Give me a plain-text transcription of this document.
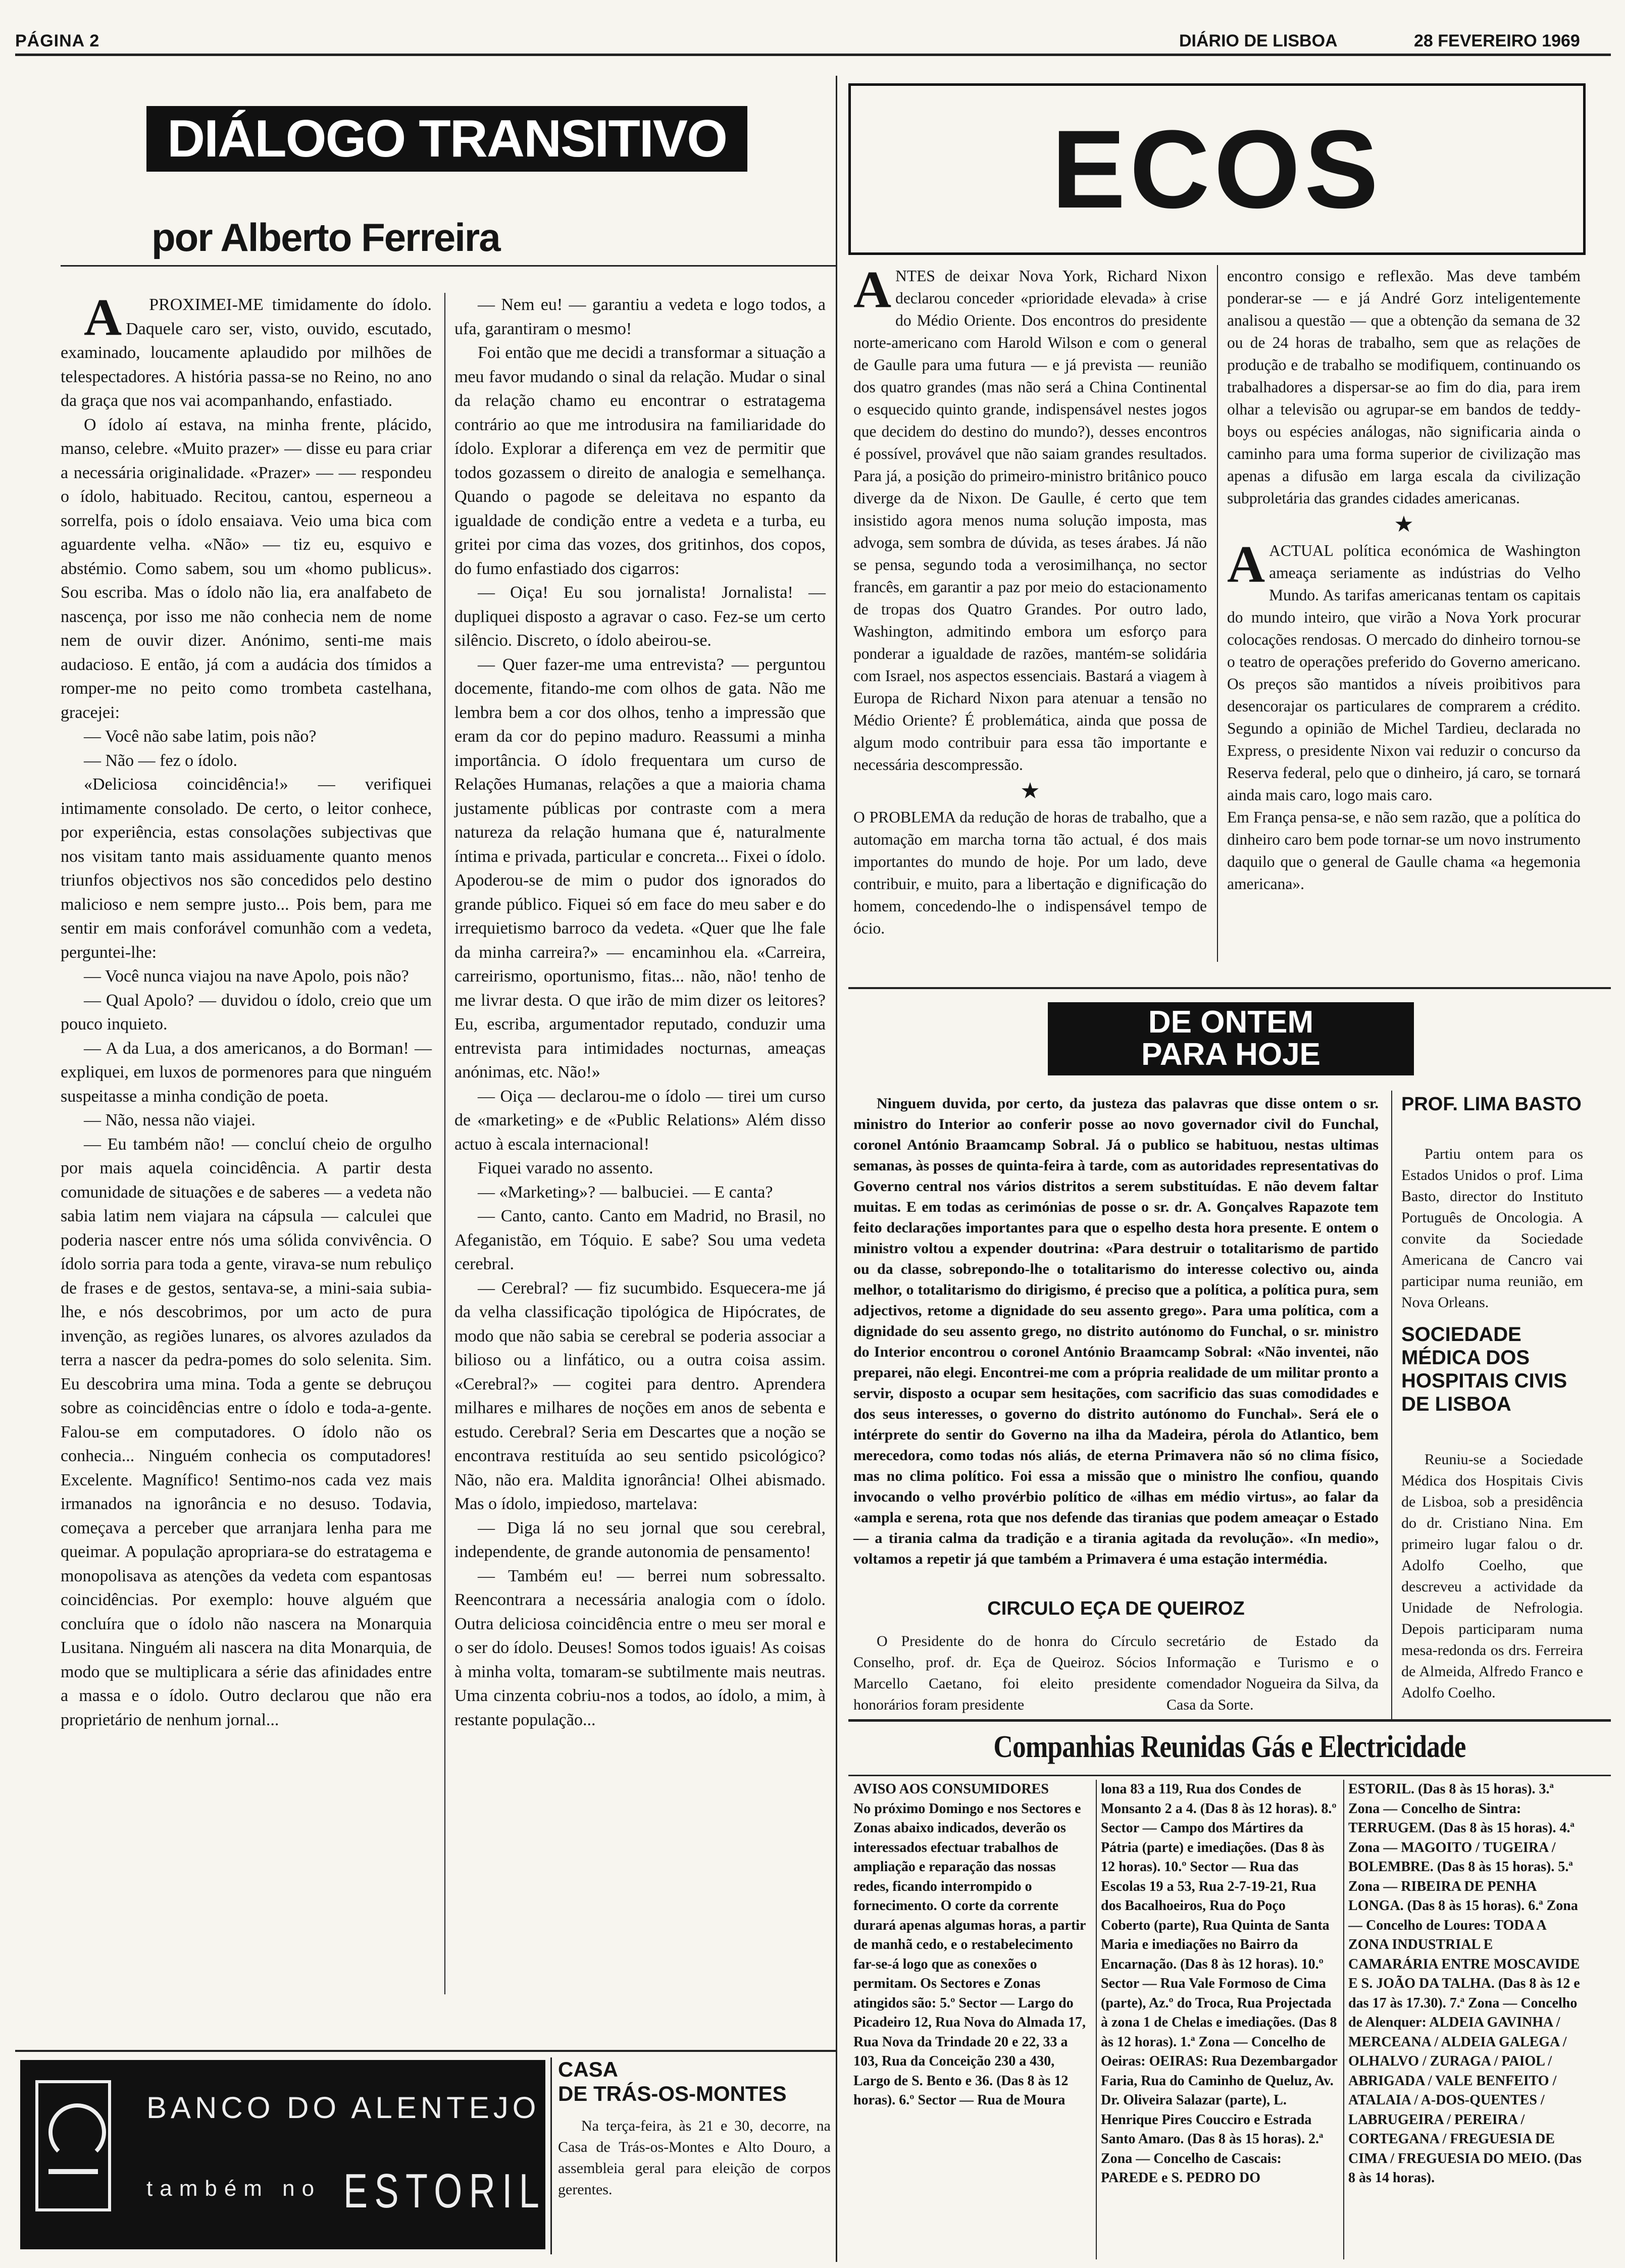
PÁGINA 2	DIÁRIO DE LISBOA	28 FEVEREIRO 1969
DIÁLOGO TRANSITIVO
por Alberto Ferreira

APROXIMEI-ME timidamente do ídolo. Daquele caro ser, visto, ouvido, escutado, examinado, loucamente aplaudido por milhões de telespectadores. A história passa-se no Reino, no ano da graça que nos vai acompanhando, enfastiado.

O ídolo aí estava, na minha frente, plácido, manso, celebre. «Muito prazer» — disse eu para criar a necessária originalidade. «Prazer» — — respondeu o ídolo, habituado. Recitou, cantou, esperneou a sorrelfa, pois o ídolo ensaiava. Veio uma bica com aguardente velha. «Não» — tiz eu, esquivo e abstémio. Como sabem, sou um «homo publicus». Sou escriba. Mas o ídolo não lia, era analfabeto de nascença, por isso me não conhecia nem de nome nem de ouvir dizer. Anónimo, senti-me mais audacioso. E então, já com a audácia dos tímidos a romper-me no peito como trombeta castelhana, gracejei:

— Você não sabe latim, pois não?

— Não — fez o ídolo.

«Deliciosa coincidência!» — verifiquei intimamente consolado. De certo, o leitor conhece, por experiência, estas consolações subjectivas que nos visitam tanto mais assiduamente quanto menos triunfos objectivos nos são concedidos pelo destino malicioso e nem sempre justo... Pois bem, para me sentir em mais conforável comunhão com a vedeta, perguntei-lhe:

— Você nunca viajou na nave Apolo, pois não?

— Qual Apolo? — duvidou o ídolo, creio que um pouco inquieto.

— A da Lua, a dos americanos, a do Borman! — expliquei, em luxos de pormenores para que ninguém suspeitasse a minha condição de poeta.

— Não, nessa não viajei.

— Eu também não! — concluí cheio de orgulho por mais aquela coincidência. A partir desta comunidade de situações e de saberes — a vedeta não sabia latim nem viajara na cápsula — calculei que poderia nascer entre nós uma sólida convivência. O ídolo sorria para toda a gente, virava-se num rebuliço de frases e de gestos, sentava-se, a mini-saia subia-lhe, e nós descobrimos, por um acto de pura invenção, as regiões lunares, os alvores azulados da terra a nascer da pedra-pomes do solo selenita. Sim. Eu descobrira uma mina. Toda a gente se debruçou sobre as coincidências entre o ídolo e toda-a-gente. Falou-se em computadores. O ídolo não os conhecia... Ninguém conhecia os computadores! Excelente. Magnífico! Sentimo-nos cada vez mais irmanados na ignorância e no desuso. Todavia, começava a perceber que arranjara lenha para me queimar. A população apropriara-se do estratagema e monopolisava as atenções da vedeta com espantosas coincidências. Por exemplo: houve alguém que concluíra que o ídolo não nascera na Monarquia Lusitana. Ninguém ali nascera na dita Monarquia, de modo que se multiplicara a série das afinidades entre a massa e o ídolo. Outro declarou que não era proprietário de nenhum jornal...

— Nem eu! — garantiu a vedeta e logo todos, a ufa, garantiram o mesmo!

Foi então que me decidi a transformar a situação a meu favor mudando o sinal da relação. Mudar o sinal da relação chamo eu encontrar o estratagema contrário ao que me introdusira na familiaridade do ídolo. Explorar a diferença em vez de permitir que todos gozassem o direito de analogia e semelhança. Quando o pagode se deleitava no espanto da igualdade de condição entre a vedeta e a turba, eu gritei por cima das vozes, dos gritinhos, dos copos, do fumo enfastiado dos cigarros:

— Oiça! Eu sou jornalista! Jornalista! — dupliquei disposto a agravar o caso. Fez-se um certo silêncio. Discreto, o ídolo abeirou-se.

— Quer fazer-me uma entrevista? — perguntou docemente, fitando-me com olhos de gata. Não me lembra bem a cor dos olhos, tenho a impressão que eram da cor do pepino maduro. Reassumi a minha importância. O ídolo frequentara um curso de Relações Humanas, relações a que a maioria chama justamente públicas por contraste com a mera natureza da relação humana que é, naturalmente íntima e privada, particular e concreta... Fixei o ídolo. Apoderou-se de mim o pudor dos ignorados do grande público. Fiquei só em face do meu saber e do irrequietismo barroco da vedeta. «Quer que lhe fale da minha carreira?» — encaminhou ela. «Carreira, carreirismo, oportunismo, fitas... não, não! tenho de me livrar desta. O que irão de mim dizer os leitores? Eu, escriba, argumentador reputado, conduzir uma entrevista para intimidades nocturnas, ameaças anónimas, etc. Não!»

— Oiça — declarou-me o ídolo — tirei um curso de «marketing» e de «Public Relations» Além disso actuo à escala internacional!

Fiquei varado no assento.

— «Marketing»? — balbuciei. — E canta?

— Canto, canto. Canto em Madrid, no Brasil, no Afeganistão, em Tóquio. E sabe? Sou uma vedeta cerebral.

— Cerebral? — fiz sucumbido. Esquecera-me já da velha classificação tipológica de Hipócrates, de modo que não sabia se cerebral se poderia associar a bilioso ou a linfático, ou a outra coisa assim. «Cerebral?» — cogitei para dentro. Aprendera milhares e milhares de noções em anos de sebenta e estudo. Cerebral? Seria em Descartes que a noção se encontrava restituída ao seu sentido psicológico? Não, não era. Maldita ignorância! Olhei abismado. Mas o ídolo, impiedoso, martelava:

— Diga lá no seu jornal que sou cerebral, independente, de grande autonomia de pensamento!

— Também eu! — berrei num sobressalto. Reencontrara a necessária analogia com o ídolo. Outra deliciosa coincidência entre o meu ser moral e o ser do ídolo. Deuses! Somos todos iguais! As coisas à minha volta, tomaram-se subtilmente mais neutras. Uma cinzenta cobriu-nos a todos, ao ídolo, a mim, à restante população...

ECOS

ANTES de deixar Nova York, Richard Nixon declarou conceder «prioridade elevada» à crise do Médio Oriente. Dos encontros do presidente norte-americano com Harold Wilson e com o general de Gaulle para uma futura — e já prevista — reunião dos quatro grandes (mas não será a China Continental o esquecido quinto grande, indispensável nestes jogos que decidem do destino do mundo?), desses encontros é possível, provável que não saiam grandes resultados. Para já, a posição do primeiro-ministro britânico pouco diverge da de Nixon. De Gaulle, é certo que tem insistido agora menos numa solução imposta, mas advoga, sem sombra de dúvida, as teses árabes. Já não se pensa, segundo toda a verosimilhança, no sector francês, em garantir a paz por meio do estacionamento de tropas dos Quatro Grandes. Por outro lado, Washington, admitindo embora um esforço para ponderar a igualdade de razões, mantém-se solidária com Israel, nos aspectos essenciais. Bastará a viagem à Europa de Richard Nixon para atenuar a tensão no Médio Oriente? É problemática, ainda que possa de algum modo contribuir para essa tão importante e necessária descompressão.

★

O PROBLEMA da redução de horas de trabalho, que a automação em marcha torna tão actual, é dos mais importantes do mundo de hoje. Por um lado, deve contribuir, e muito, para a libertação e dignificação do homem, concedendo-lhe o indispensável tempo de ócio.

encontro consigo e reflexão. Mas deve também ponderar-se — e já André Gorz inteligentemente analisou a questão — que a obtenção da semana de 32 ou de 24 horas de trabalho, sem que as relações de produção e de trabalho se modifiquem, continuando os trabalhadores a dispersar-se ao fim do dia, para irem olhar a televisão ou agrupar-se em bandos de teddy-boys ou espécies análogas, não significaria ainda o caminho para uma forma superior de civilização mas apenas a difusão em larga escala da civilização subproletária das grandes cidades americanas.

★

AACTUAL política económica de Washington ameaça seriamente as indústrias do Velho Mundo. As tarifas americanas tentam os capitais do mundo inteiro, que virão a Nova York procurar colocações rendosas. O mercado do dinheiro tornou-se o teatro de operações preferido do Governo americano. Os preços são mantidos a níveis proibitivos para desencorajar os particulares de comprarem a crédito. Segundo a opinião de Michel Tardieu, declarada no Express, o presidente Nixon vai reduzir o concurso da Reserva federal, pelo que o dinheiro, já caro, se tornará ainda mais caro, logo mais caro.

Em França pensa-se, e não sem razão, que a política do dinheiro caro bem pode tornar-se um novo instrumento daquilo que o general de Gaulle chama «a hegemonia americana».

DE ONTEM
PARA HOJE

Ninguem duvida, por certo, da justeza das palavras que disse ontem o sr. ministro do Interior ao conferir posse ao novo governador civil do Funchal, coronel António Braamcamp Sobral. Já o publico se habituou, nestas ultimas semanas, às posses de quinta-feira à tarde, com as autoridades representativas do Governo central nos vários distritos a serem substituídas. E não devem faltar muitas. E em todas as cerimónias de posse o sr. dr. A. Gonçalves Rapazote tem feito declarações importantes para que o espelho desta hora presente. E ontem o ministro voltou a expender doutrina: «Para destruir o totalitarismo de partido ou da classe, sobrepondo-lhe o totalitarismo do interesse colectivo ou, ainda melhor, o totalitarismo do dirigismo, é preciso que a política, a política pura, sem adjectivos, retome a dignidade do seu assento grego». Para uma política, com a dignidade do seu assento grego, no distrito autónomo do Funchal, o sr. ministro do Interior encontrou o coronel António Braamcamp Sobral: «Não inventei, não preparei, não elegi. Encontrei-me com a própria realidade de um militar pronto a servir, disposto a ocupar sem hesitações, com sacrificio das suas comodidades e dos seus interesses, o governo do distrito autónomo do Funchal». Será ele o intérprete do sentir do Governo na ilha da Madeira, pérola do Atlantico, bem merecedora, como todas nós aliás, de eterna Primavera não só no clima físico, mas no clima político. Foi essa a missão que o ministro lhe confiou, quando invocando o velho provérbio político de «ilhas em médio virtus», ao falar da «ampla e serena, rota que nos defende das tiranias que podem ameaçar o Estado — a tirania calma da tradição e a tirania agitada da revolução». «In medio», voltamos a repetir já que também a Primavera é uma estação intermédia.

CIRCULO EÇA DE QUEIROZ

O Presidente do de honra do Círculo Conselho, prof. dr. Eça de Queiroz. Sócios Marcello Caetano, foi eleito presidente honorários foram presidente

secretário de Estado da Informação e Turismo e o comendador Nogueira da Silva, da Casa da Sorte.

PROF. LIMA BASTO

Partiu ontem para os Estados Unidos o prof. Lima Basto, director do Instituto Português de Oncologia. A convite da Sociedade Americana de Cancro vai participar numa reunião, em Nova Orleans.

SOCIEDADE MÉDICA DOS HOSPITAIS CIVIS DE LISBOA

Reuniu-se a Sociedade Médica dos Hospitais Civis de Lisboa, sob a presidência do dr. Cristiano Nina. Em primeiro lugar falou o dr. Adolfo Coelho, que descreveu a actividade da Unidade de Nefrologia. Depois participaram numa mesa-redonda os drs. Ferreira de Almeida, Alfredo Franco e Adolfo Coelho.

Companhias Reunidas Gás e Electricidade

AVISO AOS CONSUMIDORES

No próximo Domingo e nos Sectores e Zonas abaixo indicados, deverão os interessados efectuar trabalhos de ampliação e reparação das nossas redes, ficando interrompido o fornecimento. O corte da corrente durará apenas algumas horas, a partir de manhã cedo, e o restabelecimento far-se-á logo que as conexões o permitam. Os Sectores e Zonas atingidos são: 5.º Sector — Largo do Picadeiro 12, Rua Nova do Almada 17, Rua Nova da Trindade 20 e 22, 33 a 103, Rua da Conceição 230 a 430, Largo de S. Bento e 36. (Das 8 às 12 horas). 6.º Sector — Rua de Moura

lona 83 a 119, Rua dos Condes de Monsanto 2 a 4. (Das 8 às 12 horas). 8.º Sector — Campo dos Mártires da Pátria (parte) e imediações. (Das 8 às 12 horas). 10.º Sector — Rua das Escolas 19 a 53, Rua 2-7-19-21, Rua dos Bacalhoeiros, Rua do Poço Coberto (parte), Rua Quinta de Santa Maria e imediações no Bairro da Encarnação. (Das 8 às 12 horas). 10.º Sector — Rua Vale Formoso de Cima (parte), Az.º do Troca, Rua Projectada à zona 1 de Chelas e imediações. (Das 8 às 12 horas). 1.ª Zona — Concelho de Oeiras: OEIRAS: Rua Dezembargador Faria, Rua do Caminho de Queluz, Av. Dr. Oliveira Salazar (parte), L. Henrique Pires Coucciro e Estrada Santo Amaro. (Das 8 às 15 horas). 2.ª Zona — Concelho de Cascais: PAREDE e S. PEDRO DO

ESTORIL. (Das 8 às 15 horas). 3.ª Zona — Concelho de Sintra: TERRUGEM. (Das 8 às 15 horas). 4.ª Zona — MAGOITO / TUGEIRA / BOLEMBRE. (Das 8 às 15 horas). 5.ª Zona — RIBEIRA DE PENHA LONGA. (Das 8 às 15 horas). 6.ª Zona — Concelho de Loures: TODA A ZONA INDUSTRIAL E CAMARÁRIA ENTRE MOSCAVIDE E S. JOÃO DA TALHA. (Das 8 às 12 e das 17 às 17.30). 7.ª Zona — Concelho de Alenquer: ALDEIA GAVINHA / MERCEANA / ALDEIA GALEGA / OLHALVO / ZURAGA / PAIOL / ABRIGADA / VALE BENFEITO / ATALAIA / A-DOS-QUENTES / LABRUGEIRA / PEREIRA / CORTEGANA / FREGUESIA DE CIMA / FREGUESIA DO MEIO. (Das 8 às 14 horas).

BANCO DO ALENTEJO
também no ESTORIL
CASA
DE TRÁS-OS-MONTES

Na terça-feira, às 21 e 30, decorre, na Casa de Trás-os-Montes e Alto Douro, a assembleia geral para eleição de corpos gerentes.
